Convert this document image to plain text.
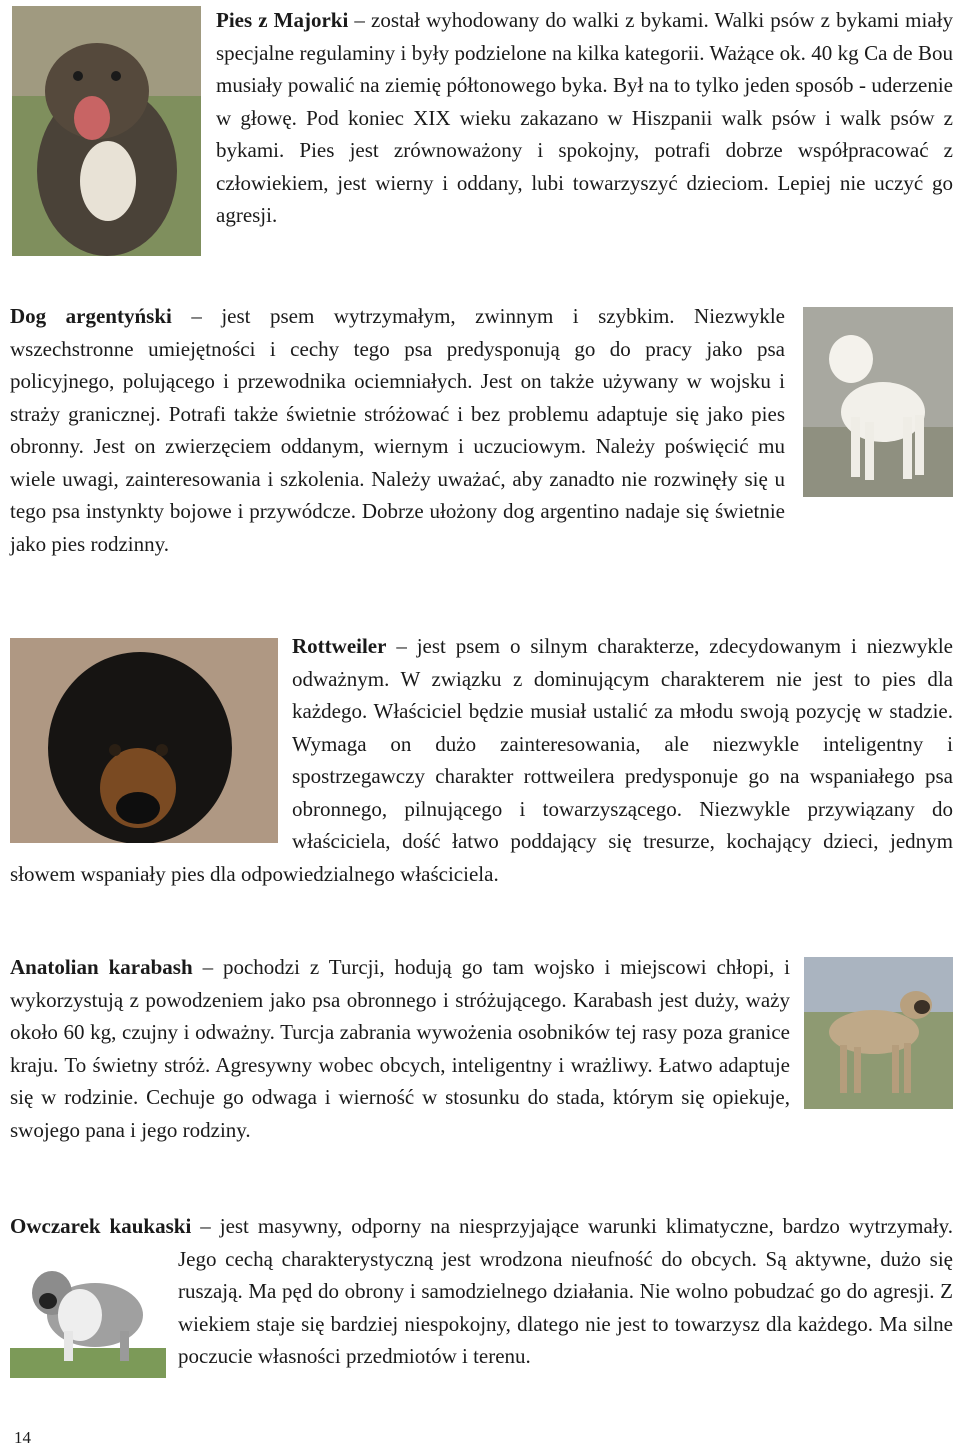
Pies z Majorki – został wyhodowany do walki z bykami. Walki psów z bykami miały specjalne regulaminy i były podzielone na kilka kategorii. Ważące ok. 40 kg Ca de Bou musiały powalić na ziemię półtonowego byka. Był na to tylko jeden sposób - uderzenie w głowę. Pod koniec XIX wieku zakazano w Hiszpanii walk psów i walk psów z bykami. Pies jest zrównoważony i spokojny, potrafi dobrze współpracować z człowiekiem, jest wierny i oddany, lubi towarzyszyć dzieciom. Lepiej nie uczyć go agresji.

Dog argentyński – jest psem wytrzymałym, zwinnym i szybkim. Niezwykle wszechstronne umiejętności i cechy tego psa predysponują go do pracy jako psa policyjnego, polującego i przewodnika ociemniałych. Jest on także używany w wojsku i straży granicznej. Potrafi także świetnie stróżować i bez problemu adaptuje się jako pies obronny. Jest on zwierzęciem oddanym, wiernym i uczuciowym. Należy poświęcić mu wiele uwagi, zainteresowania i szkolenia. Należy uważać, aby zanadto nie rozwinęły się u tego psa instynkty bojowe i przywódcze. Dobrze ułożony dog argentino nadaje się świetnie jako pies rodzinny.

Rottweiler – jest psem o silnym charakterze, zdecydowanym i niezwykle odważnym. W związku z dominującym charakterem nie jest to pies dla każdego. Właściciel będzie musiał ustalić za młodu swoją pozycję w stadzie. Wymaga on dużo zainteresowania, ale niezwykle inteligentny i spostrzegawczy charakter rottweilera predysponuje go na wspaniałego psa obronnego, pilnującego i towarzyszącego. Niezwykle przywiązany do właściciela, dość łatwo poddający się tresurze, kochający dzieci, jednym słowem wspaniały pies dla odpowiedzialnego właściciela.

Anatolian karabash – pochodzi z Turcji, hodują go tam wojsko i miejscowi chłopi, i wykorzystują z powodzeniem jako psa obronnego i stróżującego. Karabash jest duży, waży około 60 kg, czujny i odważny. Turcja zabrania wywożenia osobników tej rasy poza granice kraju. To świetny stróż. Agresywny wobec obcych, inteligentny i wrażliwy. Łatwo adaptuje się w rodzinie. Cechuje go odwaga i wierność w stosunku do stada, którym się opiekuje, swojego pana i jego rodziny.

Owczarek kaukaski – jest masywny, odporny na niesprzyjające warunki klimatyczne, bardzo wytrzymały. Jego cechą charakterystyczną jest wrodzona nieufność do obcych. Są aktywne, dużo się ruszają. Ma pęd do obrony i samodzielnego działania. Nie wolno pobudzać go do agresji. Z wiekiem staje się bardziej niespokojny, dlatego nie jest to towarzysz dla każdego. Ma silne poczucie własności przedmiotów i terenu.

14
